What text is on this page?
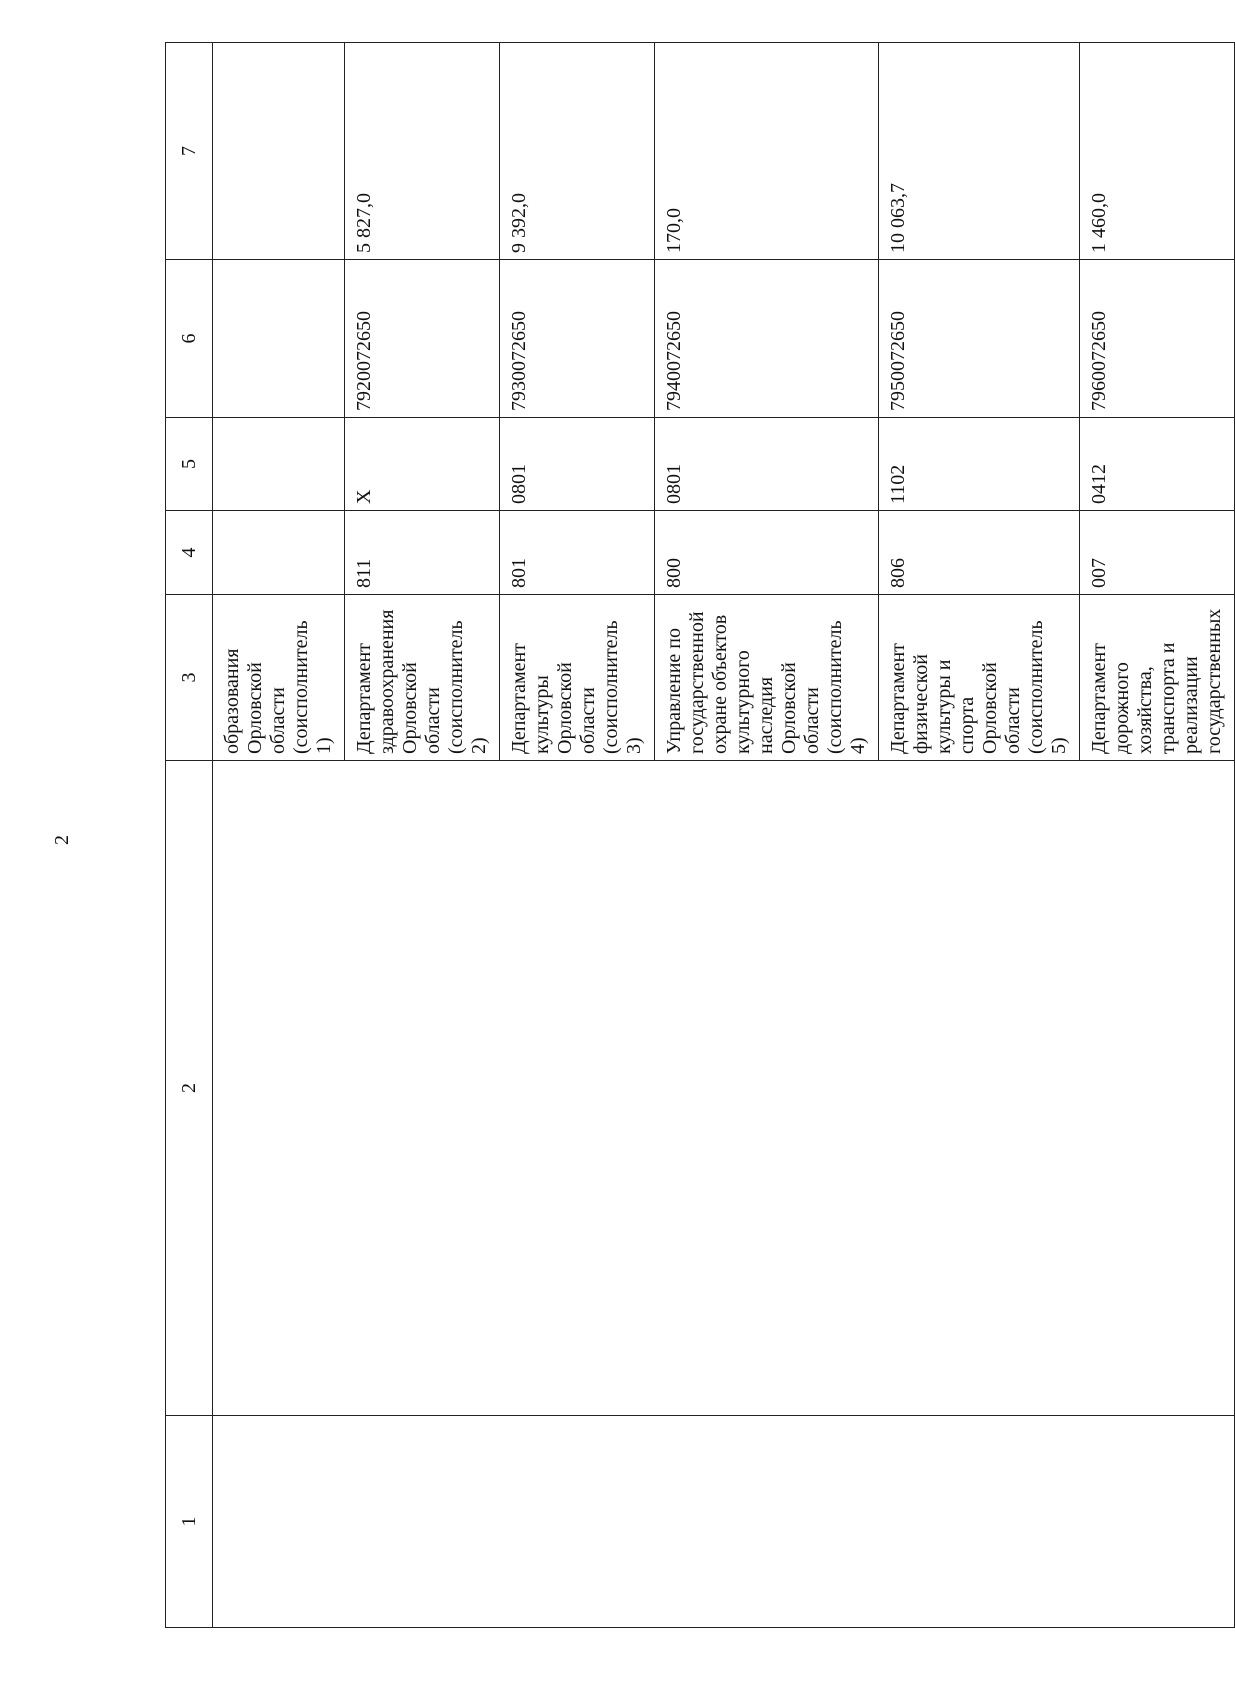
2
1	2	3	4	5	6	7
		образования Орловской области (соисполнитель 1)				
		Департамент здравоохранения Орловской области (соисполнитель 2)	811	Х	7920072650	5 827,0
		Департамент культуры Орловской области (соисполнитель 3)	801	0801	7930072650	9 392,0
		Управление по государственной охране объектов культурного наследия Орловской области (соисполнитель 4)	800	0801	7940072650	170,0
		Департамент физической культуры и спорта Орловской области (соисполнитель 5)	806	1102	7950072650	10 063,7
		Департамент дорожного хозяйства, транспорта и реализации государственных	007	0412	7960072650	1 460,0
